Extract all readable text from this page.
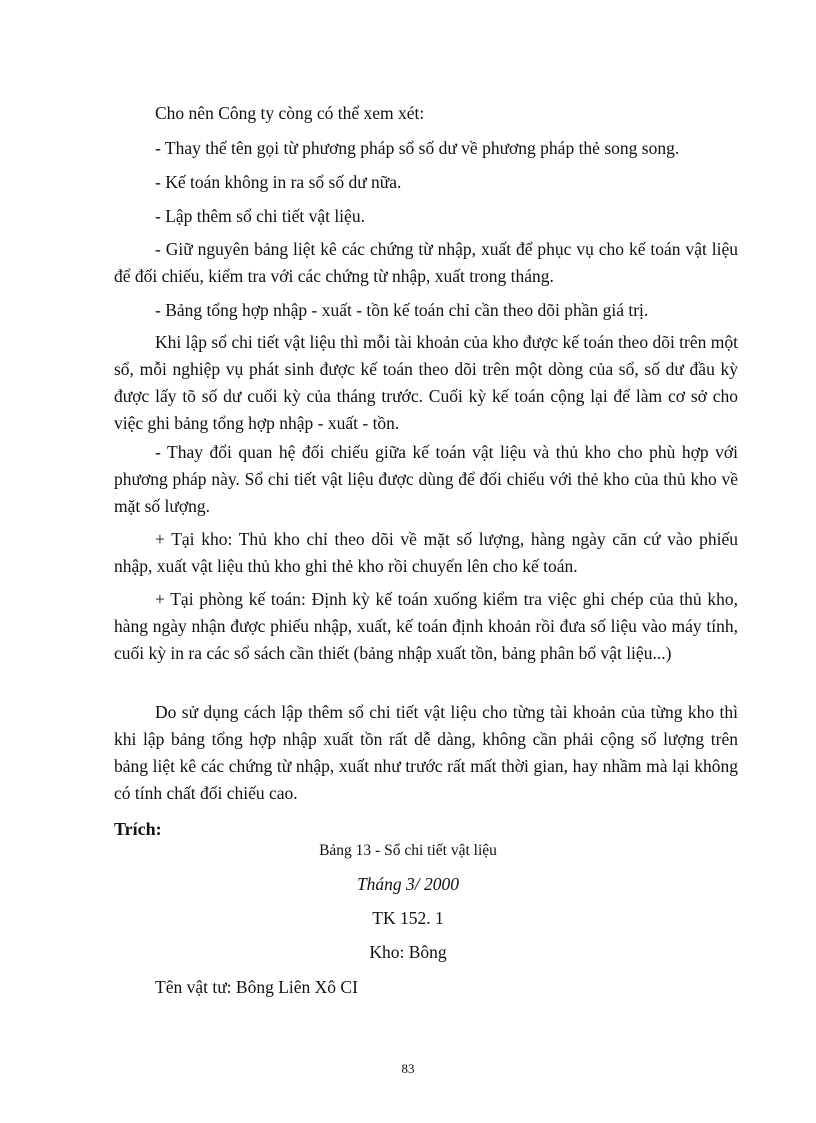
Cho nên Công ty còng có thể xem xét:

- Thay thế tên gọi từ phương pháp sổ số dư về phương pháp thẻ song song.

- Kế toán không in ra sổ số dư nữa.

- Lập thêm sổ chi tiết vật liệu.

- Giữ nguyên bảng liệt kê các chứng từ nhập, xuất để phục vụ cho kế toán vật liệu để đối chiếu, kiểm tra với các chứng từ nhập, xuất trong tháng.

- Bảng tổng hợp nhập - xuất - tồn kế toán chỉ cần theo dõi phần giá trị.

Khi lập sổ chi tiết vật liệu thì mỗi tài khoản của kho được kế toán theo dõi trên một sổ, mỗi nghiệp vụ phát sinh được kế toán theo dõi trên một dòng của sổ, số dư đầu kỳ được lấy tõ số dư cuối kỳ của tháng trước. Cuối kỳ kế toán cộng lại để làm cơ sở cho việc ghi bảng tổng hợp nhập - xuất - tồn.

- Thay đổi quan hệ đối chiếu giữa kế toán vật liệu và thủ kho cho phù hợp với phương pháp này. Sổ chi tiết vật liệu được dùng để đối chiếu với thẻ kho của thủ kho về mặt số lượng.

+ Tại kho: Thủ kho chỉ theo dõi về mặt số lượng, hàng ngày căn cứ vào phiếu nhập, xuất vật liệu thủ kho ghi thẻ kho rồi chuyển lên cho kế toán.

+ Tại phòng kế toán: Định kỳ kế toán xuống kiểm tra việc ghi chép của thủ kho, hàng ngày nhận được phiếu nhập, xuất, kế toán định khoản rồi đưa số liệu vào máy tính, cuối kỳ in ra các sổ sách cần thiết (bảng nhập xuất tồn, bảng phân bổ vật liệu...)

Do sử dụng cách lập thêm sổ chi tiết vật liệu cho từng tài khoản của từng kho thì khi lập bảng tổng hợp nhập xuất tồn rất dễ dàng, không cần phải cộng số lượng trên bảng liệt kê các chứng từ nhập, xuất như trước rất mất thời gian, hay nhầm mà lại không có tính chất đối chiếu cao.

Trích:

Bảng 13 - Sổ chi tiết vật liệu

Tháng 3/ 2000

TK 152. 1

Kho: Bông

Tên vật tư: Bông Liên Xô CI

83
